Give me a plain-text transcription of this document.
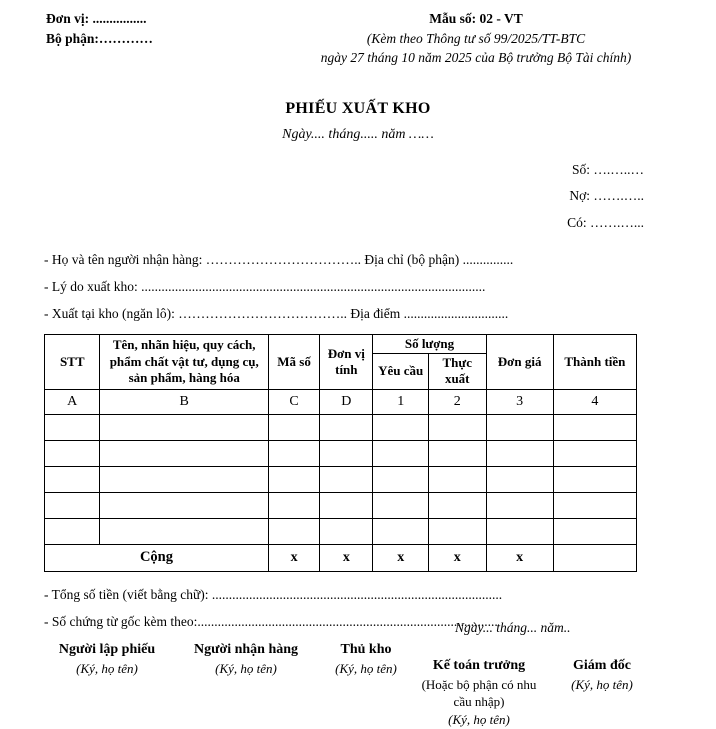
Đơn vị: ................
Bộ phận:…………
Mẫu số: 02 - VT
(Kèm theo Thông tư số 99/2025/TT-BTC
ngày 27 tháng 10 năm 2025 của Bộ trưởng Bộ Tài chính)
PHIẾU XUẤT KHO
Ngày.... tháng..... năm ……
Số: ….…..…
Nợ: …….…..
Có: …….…...
- Họ và tên người nhận hàng: …………………………….. Địa chỉ (bộ phận) ...............
- Lý do xuất kho: ......................................................................................................
- Xuất tại kho (ngăn lô): ……………………………….. Địa điểm ...............................
STT	Tên, nhãn hiệu, quy cách, phẩm chất vật tư, dụng cụ, sản phẩm, hàng hóa	Mã số	Đơn vị tính	Số lượng		Đơn giá	Thành tiền
				Yêu cầu	Thực xuất		
A	B	C	D	1	2	3	4

Cộng		x	x	x	x	x	
- Tổng số tiền (viết bằng chữ): ......................................................................................
- Số chứng từ gốc kèm theo:.........................................................................................
Ngày... tháng... năm..
Người lập phiếu
(Ký, họ tên)
Người nhận hàng
(Ký, họ tên)
Thủ kho
(Ký, họ tên)	Kế toán trưởng
(Hoặc bộ phận có nhu cầu nhập)
(Ký, họ tên)
Giám đốc
(Ký, họ tên)
